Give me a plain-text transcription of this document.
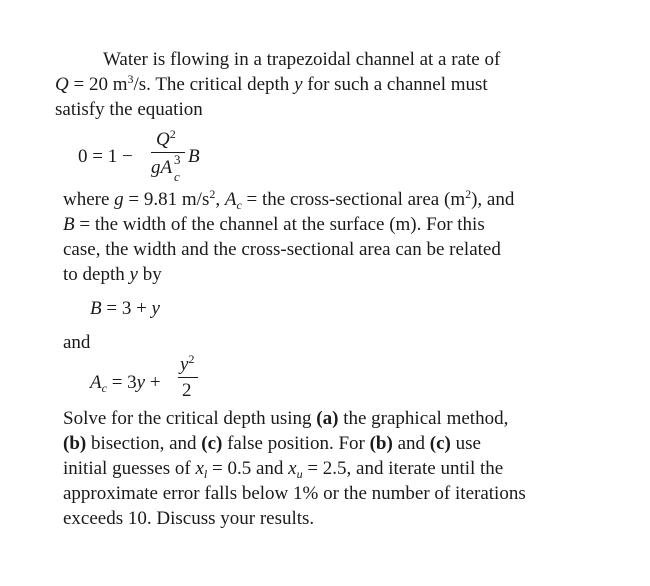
Water is flowing in a trapezoidal channel at a rate of
Q = 20 $m^3/s$. The critical depth y for such a channel must
satisfy the equation
0 = 1 −
$Q^2$
gA c
3 B
where g = 9.81 $m/s^2$, $A_c$ = the cross-sectional area $(m^2)$, and
B = the width of the channel at the surface (m). For this
case, the width and the cross-sectional area can be related
to depth y by
B = 3 + y
and
$A_c = 3y$ +
$y^2$
2
Solve for the critical depth using (a) the graphical method,
(b) bisection, and (c) false position. For (b) and (c) use
initial guesses of $x_l = 0.5$ and $x_u = 2.5$, and iterate until the
approximate error falls below 1% or the number of iterations
exceeds 10. Discuss your results.
